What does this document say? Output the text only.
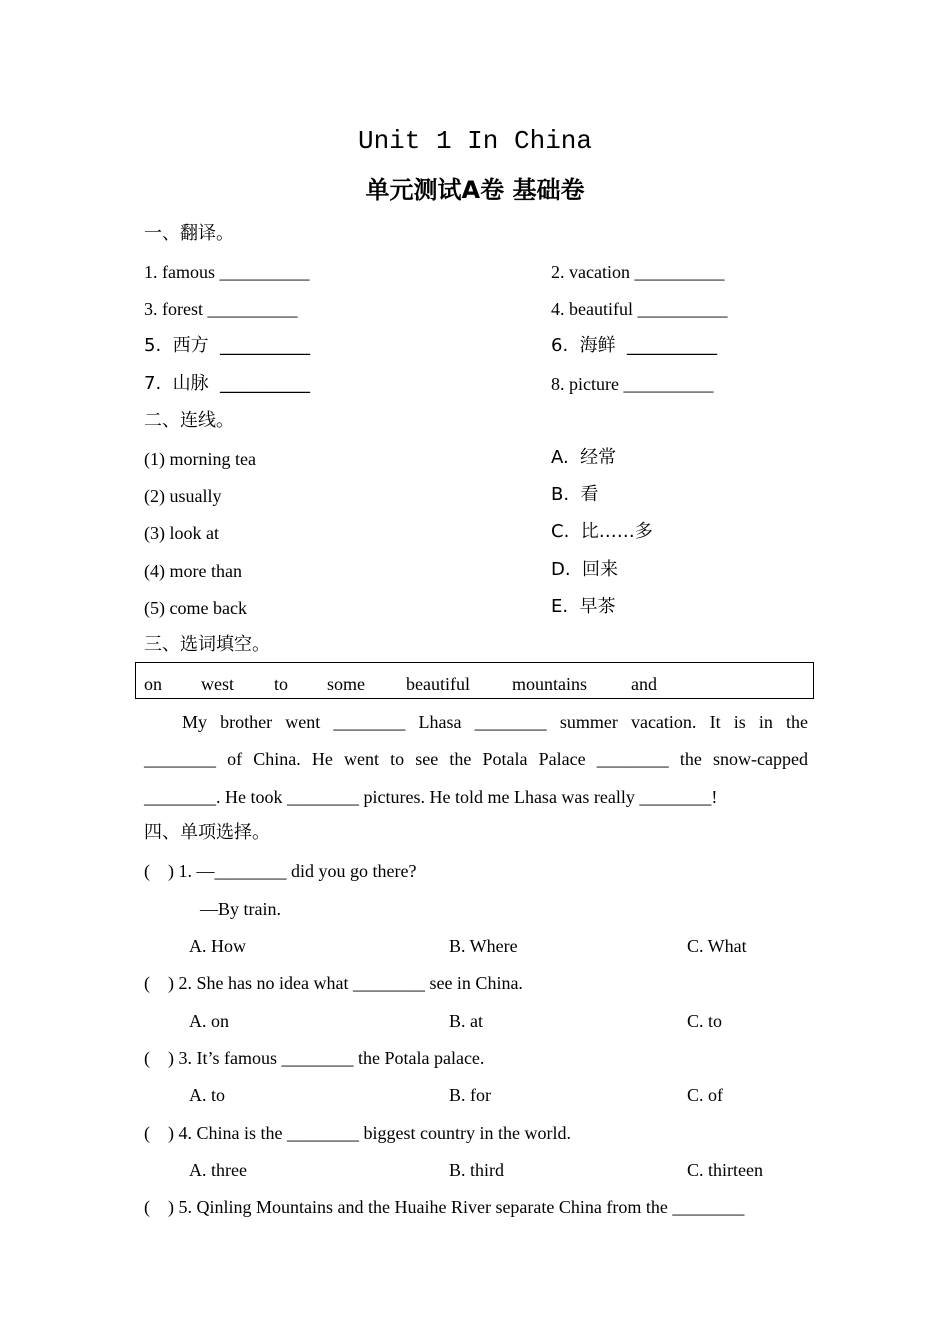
Unit 1 In China
单元测试A卷 基础卷
一、翻译。
1. famous __________	2. vacation __________
3. forest __________	4. beautiful __________
5.  西方  __________	6.  海鲜  __________
7.  山脉  __________	8. picture __________
二、连线。
(1) morning tea	A.  经常
(2) usually	B.  看
(3) look at	C.  比……多
(4) more than	D.  回来
(5) come back	E.  早茶
三、选词填空。
on west to some beautiful mountains and
My brother went ________ Lhasa ________ summer vacation. It is in the
________ of China. He went to see the Potala Palace ________ the snow-capped
________. He took ________ pictures. He told me Lhasa was really ________!
四、单项选择。
(    ) 1. —________ did you go there?
—By train.
A. How	B. Where	C. What
(    ) 2. She has no idea what ________ see in China.
A. on	B. at	C. to
(    ) 3. It’s famous ________ the Potala palace.
A. to	B. for	C. of
(    ) 4. China is the ________ biggest country in the world.
A. three	B. third	C. thirteen
(    ) 5. Qinling Mountains and the Huaihe River separate China from the ________
